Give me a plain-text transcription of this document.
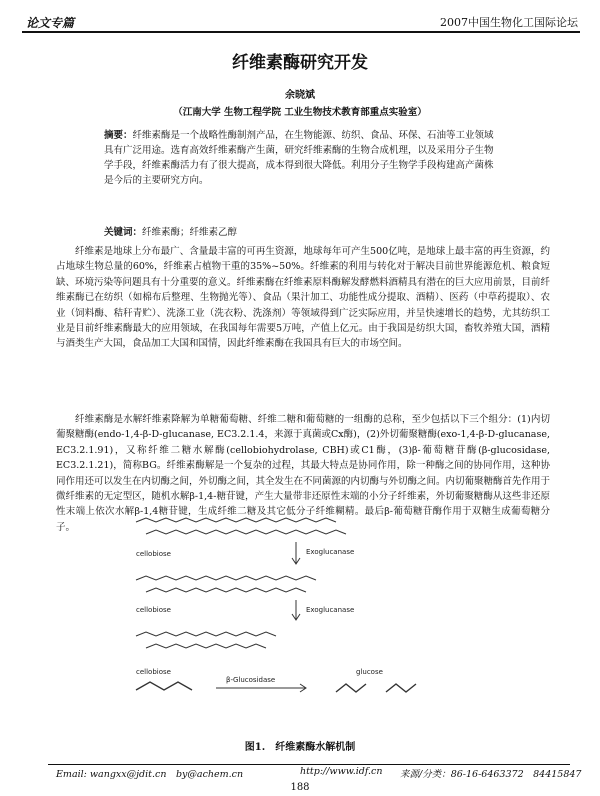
论文专篇	2007中国生物化工国际论坛
纤维素酶研究开发
余晓斌
（江南大学 生物工程学院 工业生物技术教育部重点实验室）
摘要：纤维素酶是一个战略性酶制剂产品，在生物能源、纺织、食品、环保、石油等工业领域具有广泛用途。选育高效纤维素酶产生菌，研究纤维素酶的生物合成机理，以及采用分子生物学手段，纤维素酶活力有了很大提高，成本得到很大降低。利用分子生物学手段构建高产菌株是今后的主要研究方向。
关键词：纤维素酶；纤维素乙醇

纤维素是地球上分布最广、含量最丰富的可再生资源，地球每年可产生500亿吨，是地球上最丰富的再生资源，约占地球生物总量的60%，纤维素占植物干重的35%~50%。纤维素的利用与转化对于解决目前世界能源危机、粮食短缺、环境污染等问题具有十分重要的意义。纤维素酶在纤维素原料酶解发酵燃料酒精具有潜在的巨大应用前景，目前纤维素酶已在纺织（如棉布后整理、生物抛光等）、食品（果汁加工、功能性成分提取、酒精）、医药（中草药提取）、农业（饲料酶、秸秆青贮）、洗涤工业（洗衣粉、洗涤剂）等领域得到广泛实际应用，并呈快速增长的趋势，尤其纺织工业是目前纤维素酶最大的应用领域，在我国每年需要5万吨，产值上亿元。由于我国是纺织大国，畜牧养殖大国，酒精与酒类生产大国，食品加工大国和国情，因此纤维素酶在我国具有巨大的市场空间。

纤维素酶是水解纤维素降解为单糖葡萄糖、纤维二糖和葡萄糖的一组酶的总称，至少包括以下三个组分：(1)内切葡聚糖酶(endo-1,4-β-D-glucanase, EC3.2.1.4，来源于真菌或Cx酶)，(2)外切葡聚糖酶(exo-1,4-β-D-glucanase, EC3.2.1.91)，又称纤维二糖水解酶(cellobiohydrolase, CBH)或C1酶，(3)β-葡萄糖苷酶(β-glucosidase, EC3.2.1.21)，简称BG。纤维素酶解是一个复杂的过程，其最大特点是协同作用，除一种酶之间的协同作用，这种协同作用还可以发生在内切酶之间，外切酶之间，其全发生在不同菌源的内切酶与外切酶之间。内切葡聚糖酶首先作用于微纤维素的无定型区，随机水解β-1,4-糖苷键，产生大量带非还原性末端的小分子纤维素，外切葡聚糖酶从这些非还原性末端上依次水解β-1,4糖苷键，生成纤维二糖及其它低分子纤维糊精。最后β-葡萄糖苷酶作用于双糖生成葡萄糖分子。

cellobiose	Exoglucanase
cellobiose	Exoglucanase
cellobiose
β-Glucosidase
glucose
图1.　纤维素酶水解机制
Email: wangxx@jdit.cn　by@achem.cn	http://www.idf.cn 来源/分类：86-16-6463372　84415847
188
